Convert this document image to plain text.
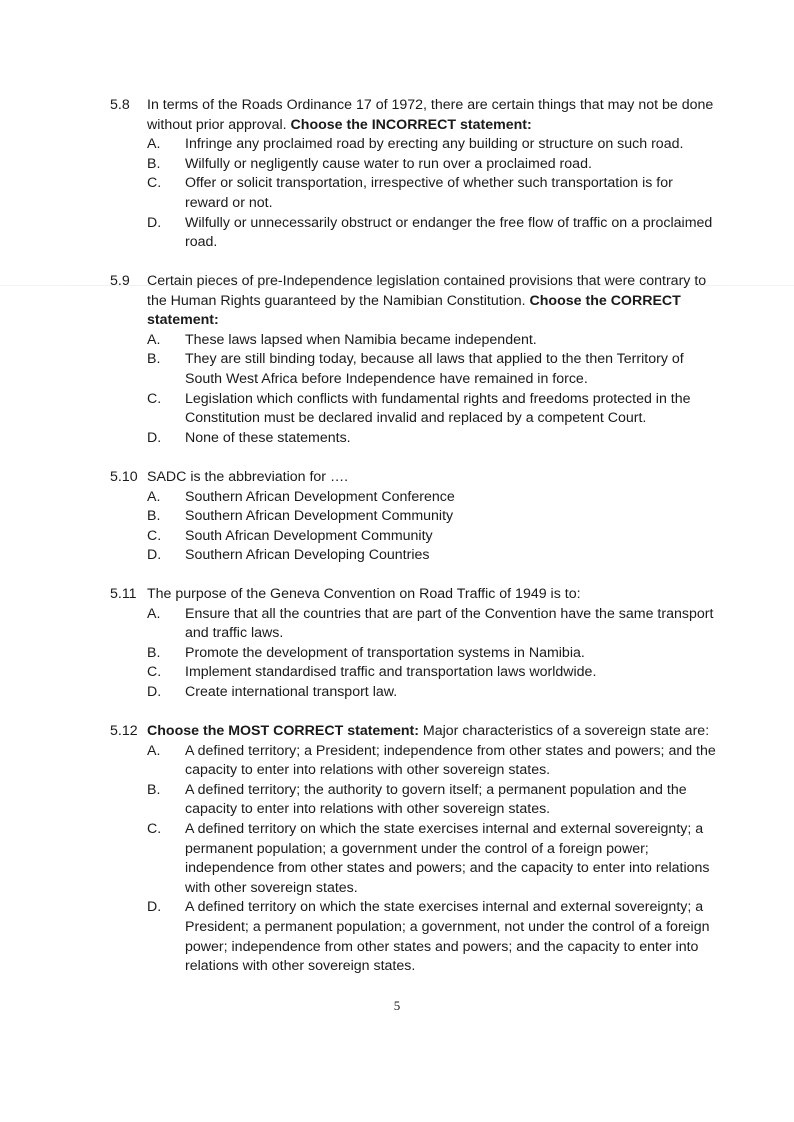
5.8	In terms of the Roads Ordinance 17 of 1972, there are certain things that may not be done without prior approval. Choose the INCORRECT statement:
A.	Infringe any proclaimed road by erecting any building or structure on such road.
B.	Wilfully or negligently cause water to run over a proclaimed road.
C.	Offer or solicit transportation, irrespective of whether such transportation is for reward or not.
D.	Wilfully or unnecessarily obstruct or endanger the free flow of traffic on a proclaimed road.
5.9	Certain pieces of pre-Independence legislation contained provisions that were contrary to the Human Rights guaranteed by the Namibian Constitution. Choose the CORRECT statement:
A.	These laws lapsed when Namibia became independent.
B.	They are still binding today, because all laws that applied to the then Territory of South West Africa before Independence have remained in force.
C.	Legislation which conflicts with fundamental rights and freedoms protected in the Constitution must be declared invalid and replaced by a competent Court.
D.	None of these statements.
5.10 SADC is the abbreviation for ….
A.	Southern African Development Conference
B.	Southern African Development Community
C.	South African Development Community
D.	Southern African Developing Countries
5.11 The purpose of the Geneva Convention on Road Traffic of 1949 is to:
A.	Ensure that all the countries that are part of the Convention have the same transport and traffic laws.
B.	Promote the development of transportation systems in Namibia.
C.	Implement standardised traffic and transportation laws worldwide.
D.	Create international transport law.
5.12 Choose the MOST CORRECT statement: Major characteristics of a sovereign state are:
A.	A defined territory; a President; independence from other states and powers; and the capacity to enter into relations with other sovereign states.
B.	A defined territory; the authority to govern itself; a permanent population and the capacity to enter into relations with other sovereign states.
C.	A defined territory on which the state exercises internal and external sovereignty; a permanent population; a government under the control of a foreign power; independence from other states and powers; and the capacity to enter into relations with other sovereign states.
D.	A defined territory on which the state exercises internal and external sovereignty; a President; a permanent population; a government, not under the control of a foreign power; independence from other states and powers; and the capacity to enter into relations with other sovereign states.
5
